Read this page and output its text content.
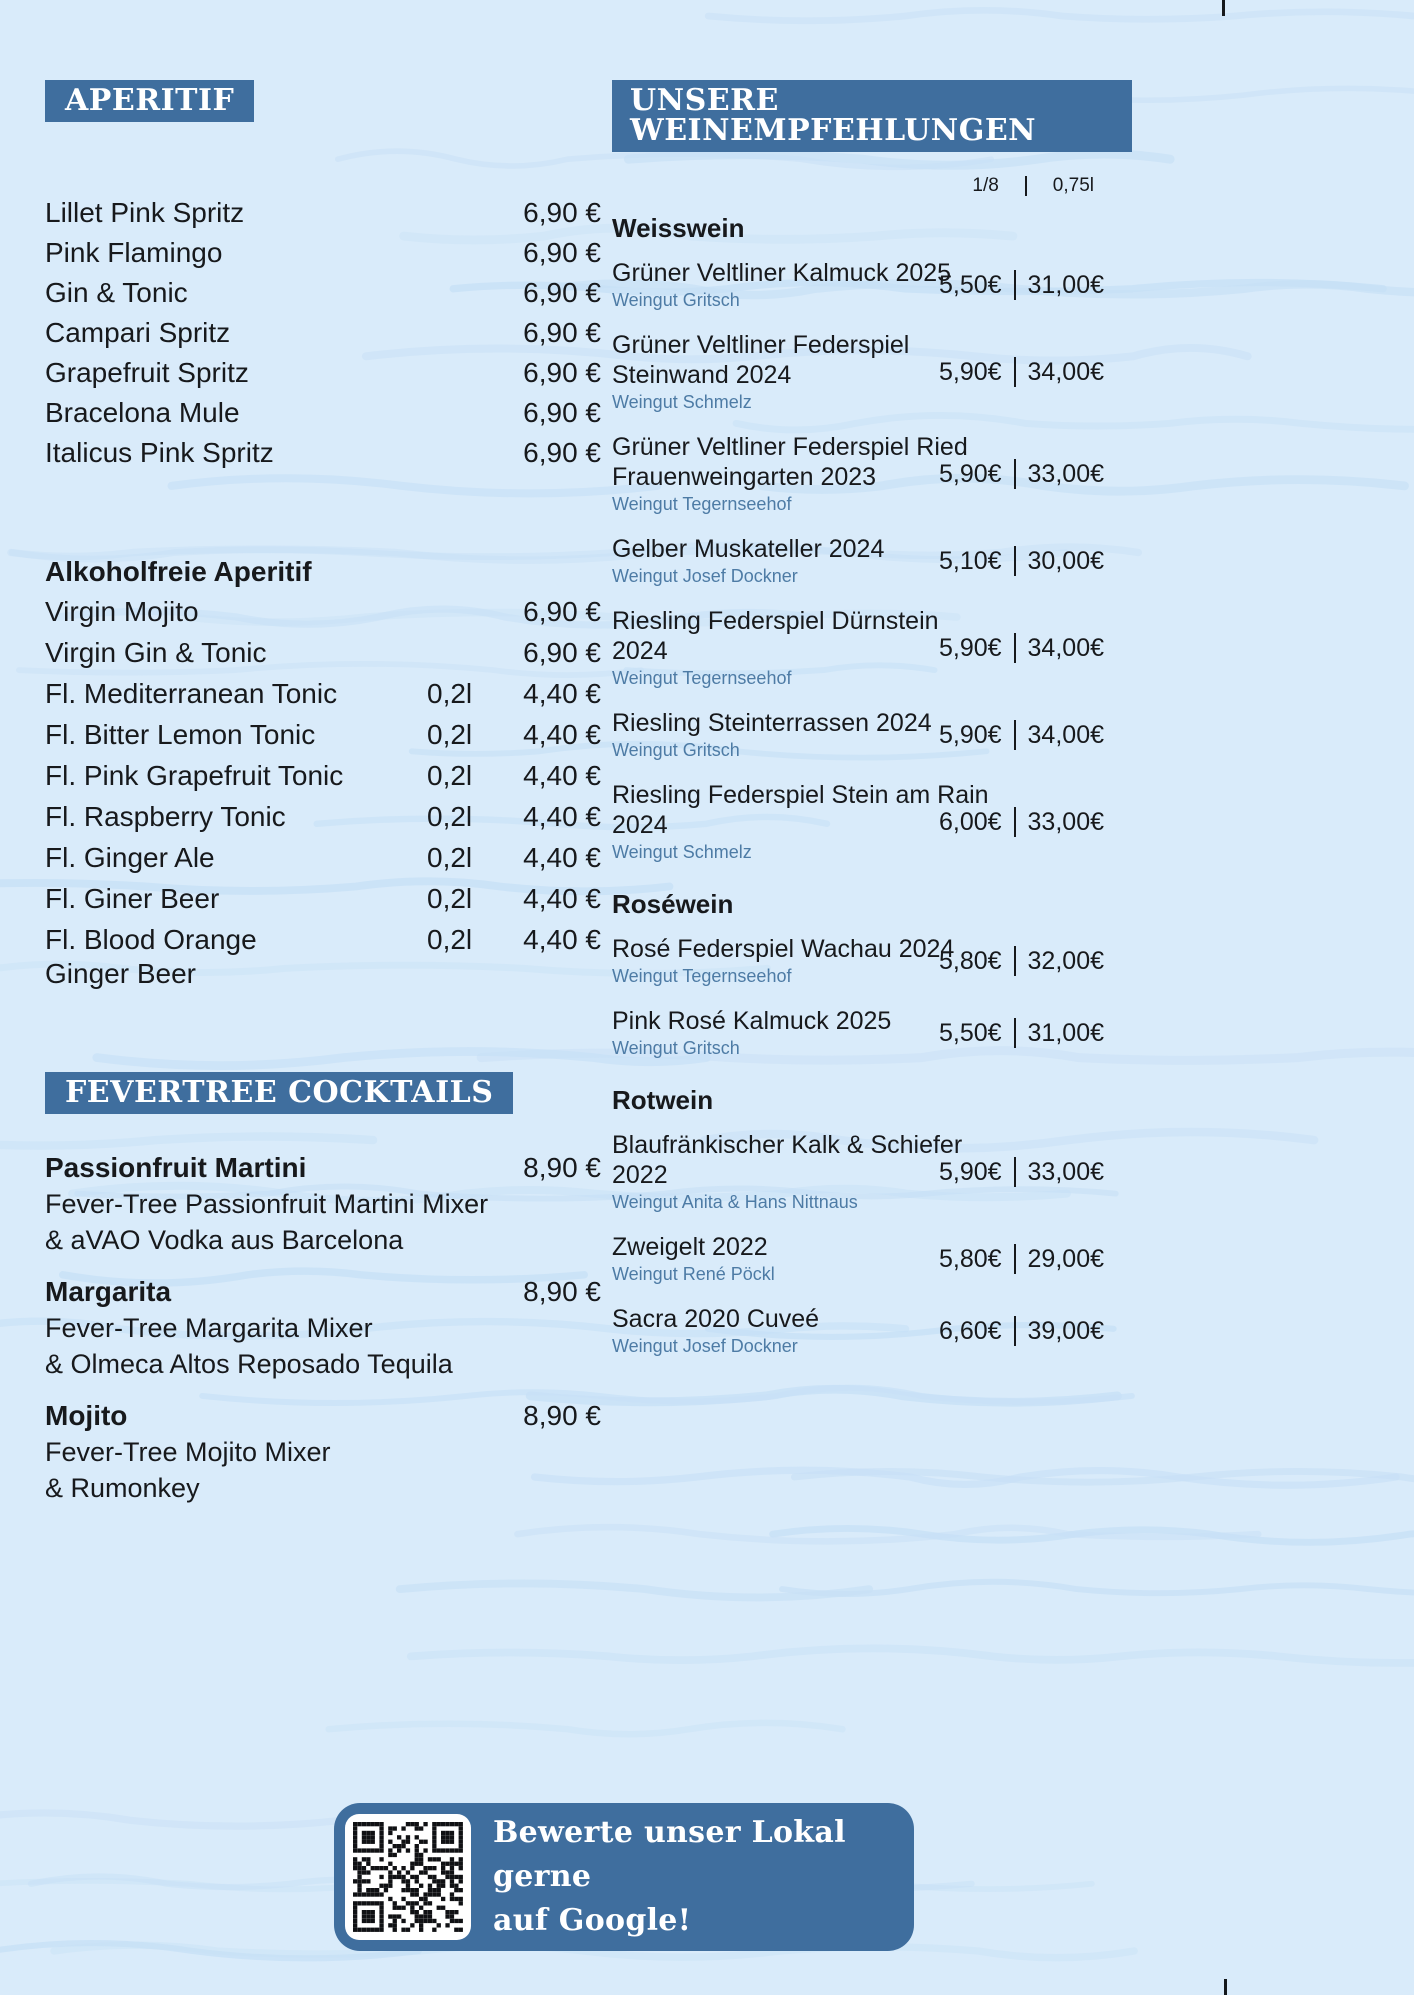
APERITIF
Lillet Pink Spritz	6,90 €
Pink Flamingo	6,90 €
Gin & Tonic	6,90 €
Campari Spritz	6,90 €
Grapefruit Spritz	6,90 €
Bracelona Mule	6,90 €
Italicus Pink Spritz	6,90 €
Alkoholfreie Aperitif
Virgin Mojito	6,90 €
Virgin Gin & Tonic	6,90 €
Fl. Mediterranean Tonic	0,2l	4,40 €
Fl. Bitter Lemon Tonic	0,2l	4,40 €
Fl. Pink Grapefruit Tonic	0,2l	4,40 €
Fl. Raspberry Tonic	0,2l	4,40 €
Fl. Ginger Ale	0,2l	4,40 €
Fl. Giner Beer	0,2l	4,40 €
Fl. Blood Orange
Ginger Beer
0,2l	4,40 €
FEVERTREE COCKTAILS
Passionfruit Martini	8,90 €
Fever-Tree Passionfruit Martini Mixer
& aVAO Vodka aus Barcelona
Margarita	8,90 €
Fever-Tree Margarita Mixer
& Olmeca Altos Reposado Tequila
Mojito	8,90 €
Fever-Tree Mojito Mixer
& Rumonkey
UNSERE WEINEMPFEHLUNGEN
1/8	0,75l
Weisswein
Grüner Veltliner Kalmuck 2025
Weingut Gritsch
5,50€ 31,00€
Grüner Veltliner Federspiel
Steinwand 2024
Weingut Schmelz
5,90€ 34,00€
Grüner Veltliner Federspiel Ried
Frauenweingarten 2023
Weingut Tegernseehof
5,90€ 33,00€
Gelber Muskateller 2024
Weingut Josef Dockner
5,10€ 30,00€
Riesling Federspiel Dürnstein
2024
Weingut Tegernseehof
5,90€ 34,00€
Riesling Steinterrassen 2024
Weingut Gritsch
5,90€ 34,00€
Riesling Federspiel Stein am Rain
2024
Weingut Schmelz
6,00€ 33,00€
Roséwein
Rosé Federspiel Wachau 2024
Weingut Tegernseehof
5,80€ 32,00€
Pink Rosé Kalmuck 2025
Weingut Gritsch
5,50€ 31,00€
Rotwein
Blaufränkischer Kalk & Schiefer
2022
Weingut Anita & Hans Nittnaus
5,90€ 33,00€
Zweigelt 2022
Weingut René Pöckl
5,80€ 29,00€
Sacra 2020 Cuveé
Weingut Josef Dockner
6,60€ 39,00€
Bewerte unser Lokal gerne
auf Google!
